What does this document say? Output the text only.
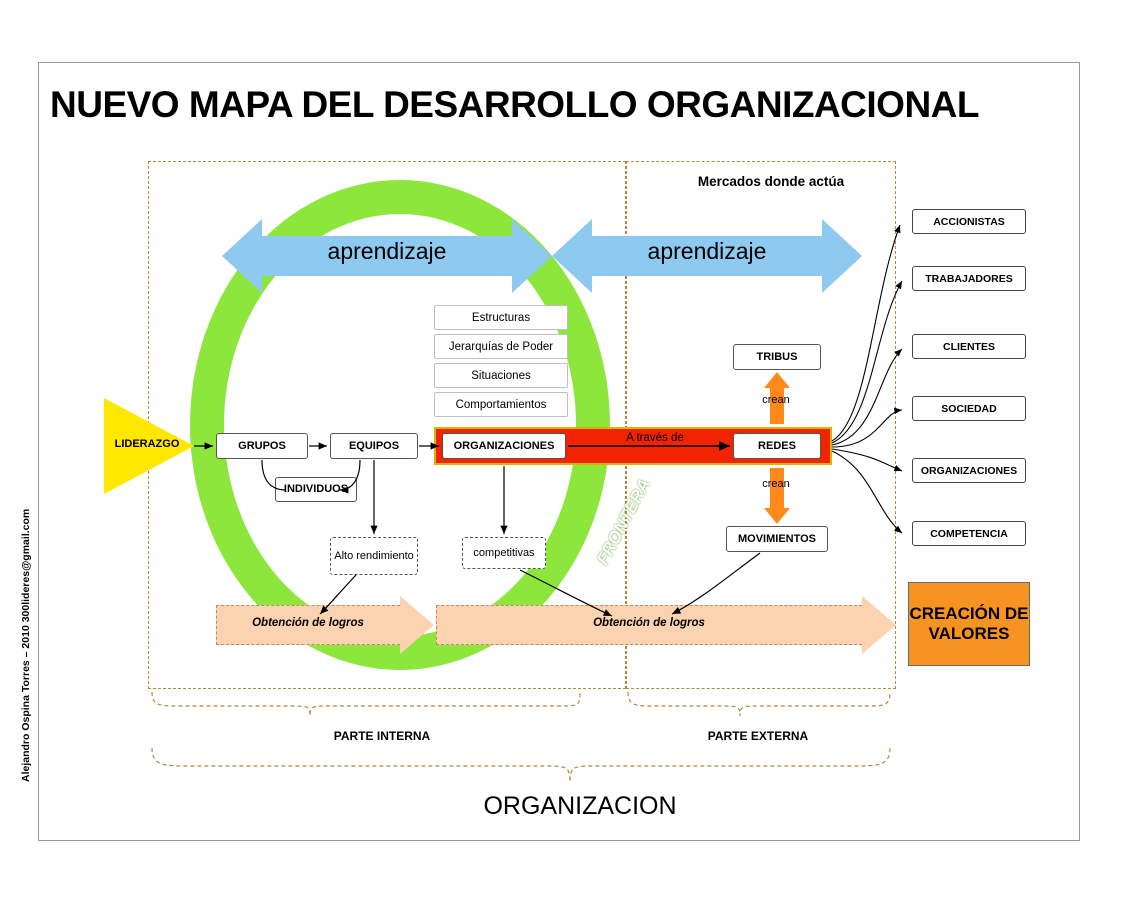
NUEVO MAPA DEL DESARROLLO ORGANIZACIONAL
Alejandro Ospina Torres – 2010 300lideres@gmail.com
aprendizaje	aprendizaje
Mercados donde actúa
LIDERAZGO
Estructuras
Jerarquías de Poder
Situaciones
Comportamientos
A través de
ORGANIZACIONES	REDES
FRONTERA
GRUPOS	EQUIPOS
INDIVIDUOS
Alto rendimiento	competitivas
TRIBUS
MOVIMIENTOS
crean
crean
Obtención de logros	Obtención de logros
ACCIONISTAS
TRABAJADORES
CLIENTES
SOCIEDAD
ORGANIZACIONES
COMPETENCIA
CREACIÓN DE VALORES
PARTE INTERNA	PARTE EXTERNA
ORGANIZACION
